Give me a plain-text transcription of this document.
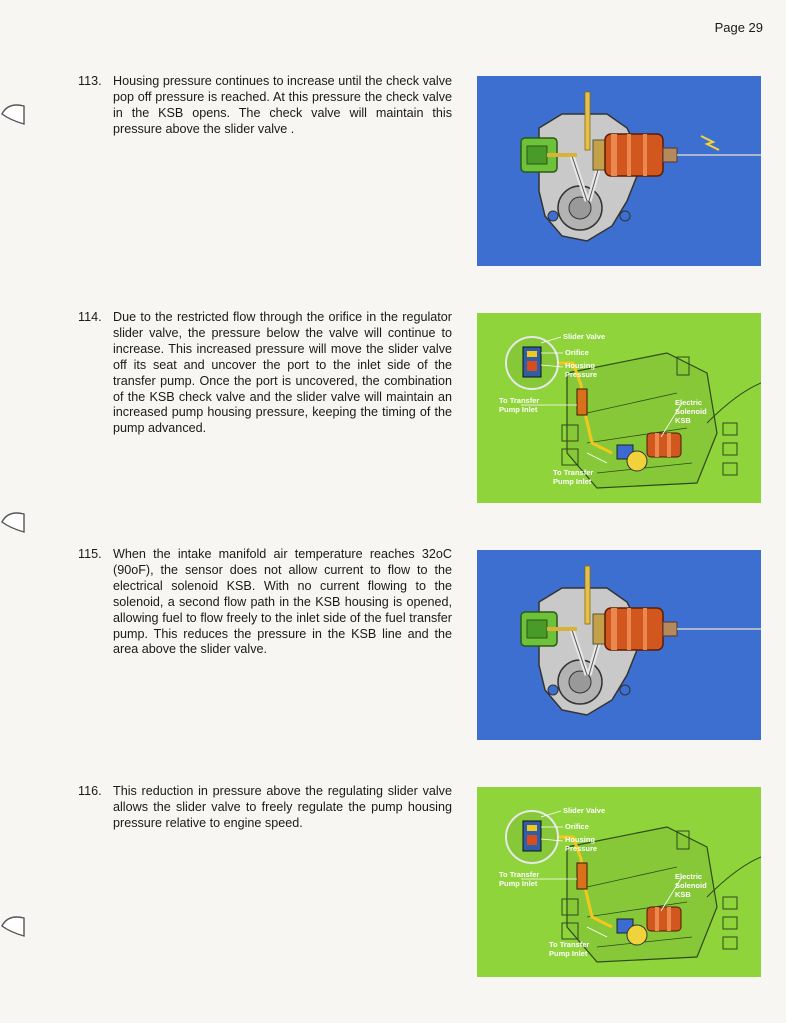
Page 29
113. Housing pressure continues to increase until the check valve pop off pressure is reached. At this pressure the check valve in the KSB opens. The check valve will maintain this pressure above the slider valve .
114. Due to the restricted flow through the orifice in the regulator slider valve, the pressure below the valve will continue to increase. This increased pressure will move the slider valve off its seat and uncover the port to the inlet side of the transfer pump. Once the port is uncovered, the combination of the KSB check valve and the slider valve will maintain an increased pump housing pressure, keeping the timing of the pump advanced.
115. When the intake manifold air temperature reaches 32oC (90oF), the sensor does not allow current to flow to the electrical solenoid KSB. With no current flowing to the solenoid, a second flow path in the KSB housing is opened, allowing fuel to flow freely to the inlet side of the fuel transfer pump. This reduces the pressure in the KSB line and the area above the slider valve.
116. This reduction in pressure above the regulating slider valve allows the slider valve to freely regulate the pump housing pressure relative to engine speed.
Slider Valve
Orifice
Housing
Pressure
To Transfer
Pump Inlet
Electric
Solenoid
KSB
To Transfer
Pump Inlet
Slider Valve
Orifice
Housing
Pressure
To Transfer
Pump Inlet
Electric
Solenoid
KSB
To Transfer
Pump Inlet
